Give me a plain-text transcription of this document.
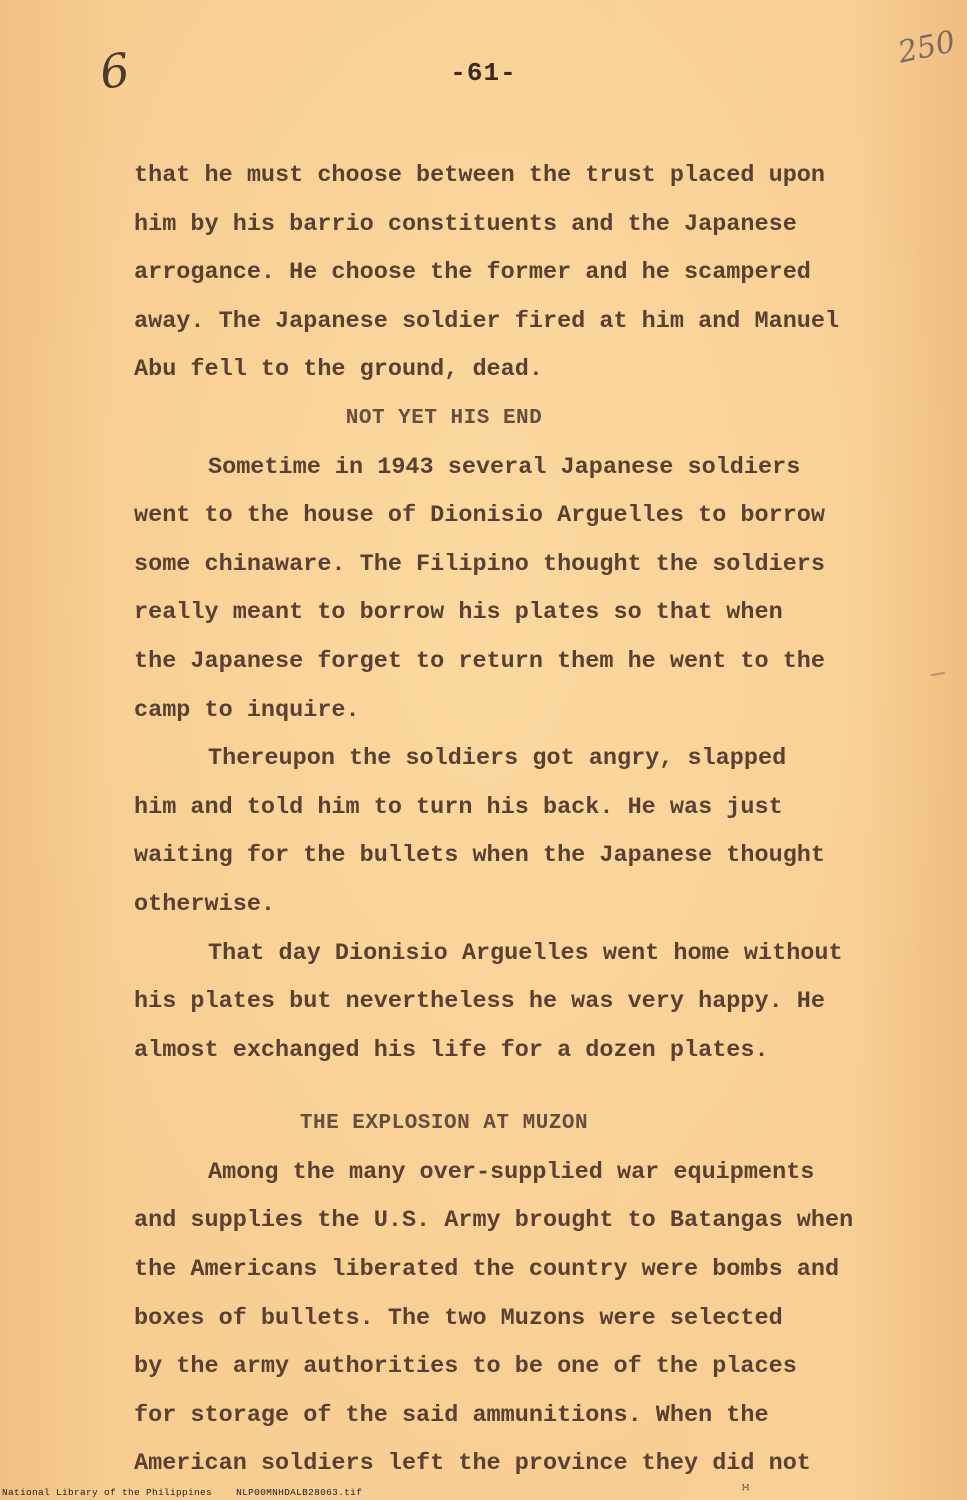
6	250
-61-
that he must choose between the trust placed upon
him by his barrio constituents and the Japanese
arrogance. He choose the former and he scampered
away. The Japanese soldier fired at him and Manuel
Abu fell to the ground, dead.
NOT YET HIS END
Sometime in 1943 several Japanese soldiers
went to the house of Dionisio Arguelles to borrow
some chinaware. The Filipino thought the soldiers
really meant to borrow his plates so that when
the Japanese forget to return them he went to the
camp to inquire.
Thereupon the soldiers got angry, slapped
him and told him to turn his back. He was just
waiting for the bullets when the Japanese thought
otherwise.
That day Dionisio Arguelles went home without
his plates but nevertheless he was very happy. He
almost exchanged his life for a dozen plates.
THE EXPLOSION AT MUZON
Among the many over-supplied war equipments
and supplies the U.S. Army brought to Batangas when
the Americans liberated the country were bombs and
boxes of bullets. The two Muzons were selected
by the army authorities to be one of the places
for storage of the said ammunitions. When the
American soldiers left the province they did not
∺
National Library of the Philippines	NLP00MNHDALB28063.tif
